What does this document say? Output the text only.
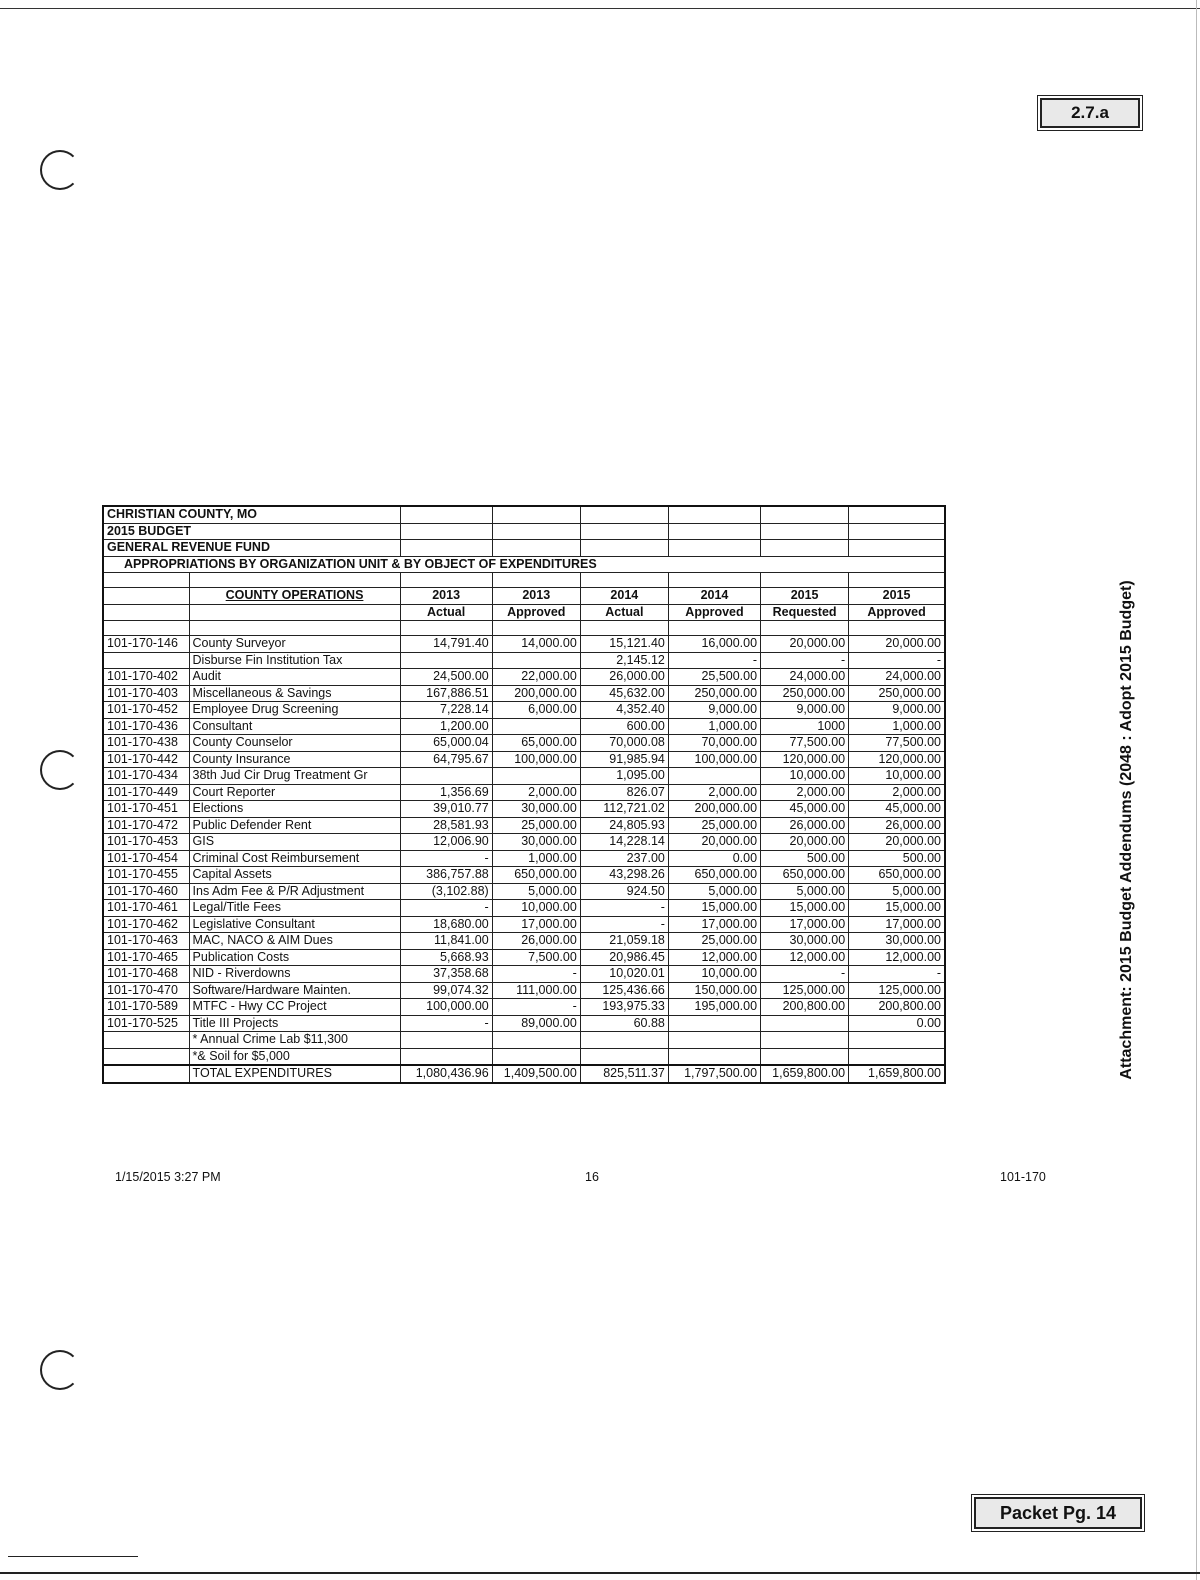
2.7.a
Attachment: 2015 Budget Addendums (2048 : Adopt 2015 Budget)
CHRISTIAN COUNTY, MO							
2015 BUDGET							
GENERAL REVENUE FUND							
APPROPRIATIONS BY ORGANIZATION UNIT & BY OBJECT OF EXPENDITURES							

	COUNTY OPERATIONS	2013	2013	2014	2014	2015	2015
		Actual	Approved	Actual	Approved	Requested	Approved

101-170-146	County Surveyor	14,791.40	14,000.00	15,121.40	16,000.00	20,000.00	20,000.00
	Disburse Fin Institution Tax			2,145.12	-	-	-
101-170-402	Audit	24,500.00	22,000.00	26,000.00	25,500.00	24,000.00	24,000.00
101-170-403	Miscellaneous & Savings	167,886.51	200,000.00	45,632.00	250,000.00	250,000.00	250,000.00
101-170-452	Employee Drug Screening	7,228.14	6,000.00	4,352.40	9,000.00	9,000.00	9,000.00
101-170-436	Consultant	1,200.00		600.00	1,000.00	1000	1,000.00
101-170-438	County Counselor	65,000.04	65,000.00	70,000.08	70,000.00	77,500.00	77,500.00
101-170-442	County Insurance	64,795.67	100,000.00	91,985.94	100,000.00	120,000.00	120,000.00
101-170-434	38th Jud Cir Drug Treatment Gr			1,095.00		10,000.00	10,000.00
101-170-449	Court Reporter	1,356.69	2,000.00	826.07	2,000.00	2,000.00	2,000.00
101-170-451	Elections	39,010.77	30,000.00	112,721.02	200,000.00	45,000.00	45,000.00
101-170-472	Public Defender Rent	28,581.93	25,000.00	24,805.93	25,000.00	26,000.00	26,000.00
101-170-453	GIS	12,006.90	30,000.00	14,228.14	20,000.00	20,000.00	20,000.00
101-170-454	Criminal Cost Reimbursement	-	1,000.00	237.00	0.00	500.00	500.00
101-170-455	Capital Assets	386,757.88	650,000.00	43,298.26	650,000.00	650,000.00	650,000.00
101-170-460	Ins Adm Fee & P/R Adjustment	(3,102.88)	5,000.00	924.50	5,000.00	5,000.00	5,000.00
101-170-461	Legal/Title Fees	-	10,000.00	-	15,000.00	15,000.00	15,000.00
101-170-462	Legislative Consultant	18,680.00	17,000.00	-	17,000.00	17,000.00	17,000.00
101-170-463	MAC, NACO & AIM Dues	11,841.00	26,000.00	21,059.18	25,000.00	30,000.00	30,000.00
101-170-465	Publication Costs	5,668.93	7,500.00	20,986.45	12,000.00	12,000.00	12,000.00
101-170-468	NID - Riverdowns	37,358.68	-	10,020.01	10,000.00	-	-
101-170-470	Software/Hardware Mainten.	99,074.32	111,000.00	125,436.66	150,000.00	125,000.00	125,000.00
101-170-589	MTFC - Hwy CC Project	100,000.00	-	193,975.33	195,000.00	200,800.00	200,800.00
101-170-525	Title III Projects	-	89,000.00	60.88			0.00
	* Annual Crime Lab $11,300						
	*& Soil for $5,000						
	TOTAL EXPENDITURES	1,080,436.96	1,409,500.00	825,511.37	1,797,500.00	1,659,800.00	1,659,800.00
1/15/2015 3:27 PM	16	101-170
Packet Pg. 14
